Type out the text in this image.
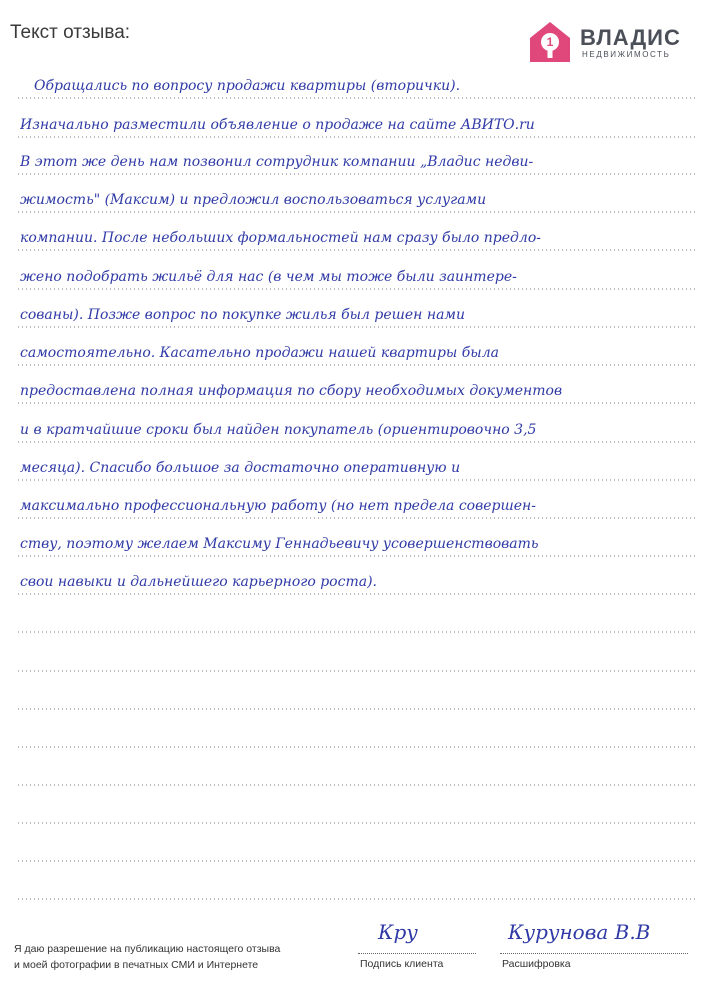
Текст отзыва:	1 ВЛАДИС
НЕДВИЖИМОСТЬ
Обращались по вопросу продажи квартиры (вторички).
Изначально разместили объявление о продаже на сайте АВИТО.ru
В этот же день нам позвонил сотрудник компании „Владис недви-
жимость" (Максим) и предложил воспользоваться услугами
компании. После небольших формальностей нам сразу было предло-
жено подобрать жильё для нас (в чем мы тоже были заинтере-
сованы). Позже вопрос по покупке жилья был решен нами
самостоятельно. Касательно продажи нашей квартиры была
предоставлена полная информация по сбору необходимых документов
и в кратчайшие сроки был найден покупатель (ориентировочно 3,5
месяца). Спасибо большое за достаточно оперативную и
максимально профессиональную работу (но нет предела совершен-
ству, поэтому желаем Максиму Геннадьевичу усовершенствовать
свои навыки и дальнейшего карьерного роста).
Я даю разрешение на публикацию настоящего отзыва
и моей фотографии в печатных СМИ и Интернете
Кру
Подпись клиента
Курунова В.В
Расшифровка
